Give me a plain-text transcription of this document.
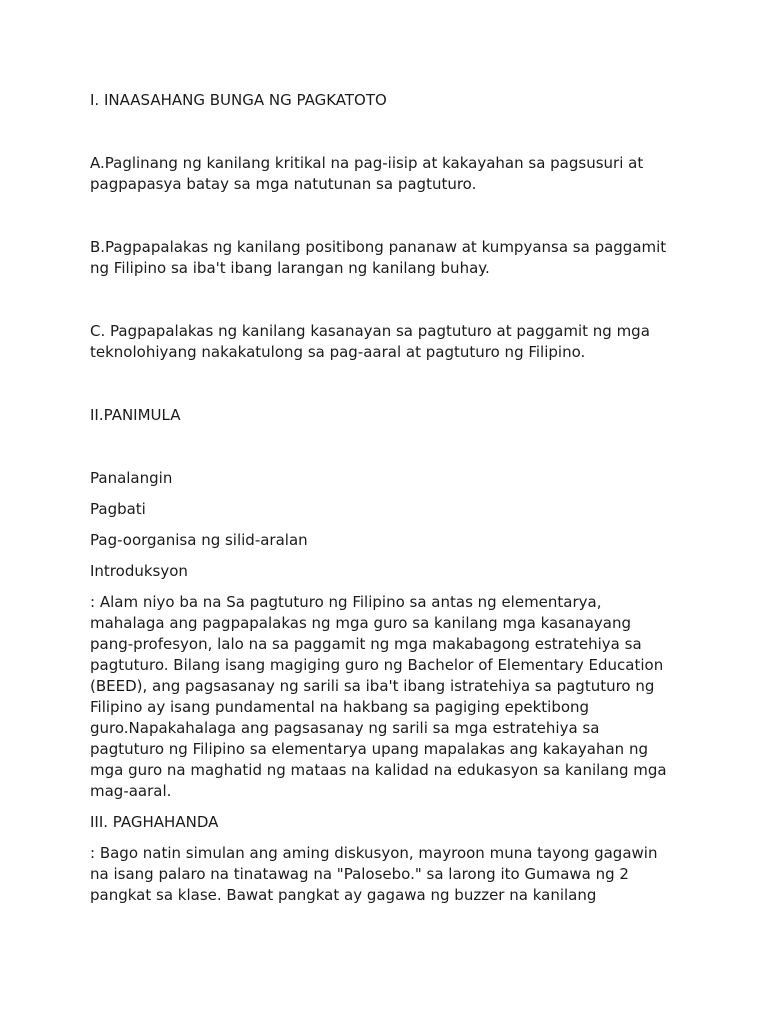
I. INAASAHANG BUNGA NG PAGKATOTO

A.Paglinang ng kanilang kritikal na pag-iisip at kakayahan sa pagsusuri at pagpapasya batay sa mga natutunan sa pagtuturo.

B.Pagpapalakas ng kanilang positibong pananaw at kumpyansa sa paggamit ng Filipino sa iba't ibang larangan ng kanilang buhay.

C. Pagpapalakas ng kanilang kasanayan sa pagtuturo at paggamit ng mga teknolohiyang nakakatulong sa pag-aaral at pagtuturo ng Filipino.

II.PANIMULA

Panalangin

Pagbati

Pag-oorganisa ng silid-aralan

Introduksyon

: Alam niyo ba na Sa pagtuturo ng Filipino sa antas ng elementarya, mahalaga ang pagpapalakas ng mga guro sa kanilang mga kasanayang pang-profesyon, lalo na sa paggamit ng mga makabagong estratehiya sa pagtuturo. Bilang isang magiging guro ng Bachelor of Elementary Education (BEED), ang pagsasanay ng sarili sa iba't ibang istratehiya sa pagtuturo ng Filipino ay isang pundamental na hakbang sa pagiging epektibong guro.Napakahalaga ang pagsasanay ng sarili sa mga estratehiya sa pagtuturo ng Filipino sa elementarya upang mapalakas ang kakayahan ng mga guro na maghatid ng mataas na kalidad na edukasyon sa kanilang mga mag-aaral.

III. PAGHAHANDA

: Bago natin simulan ang aming diskusyon, mayroon muna tayong gagawin na isang palaro na tinatawag na "Palosebo." sa larong ito Gumawa ng 2 pangkat sa klase. Bawat pangkat ay gagawa ng buzzer na kanilang
